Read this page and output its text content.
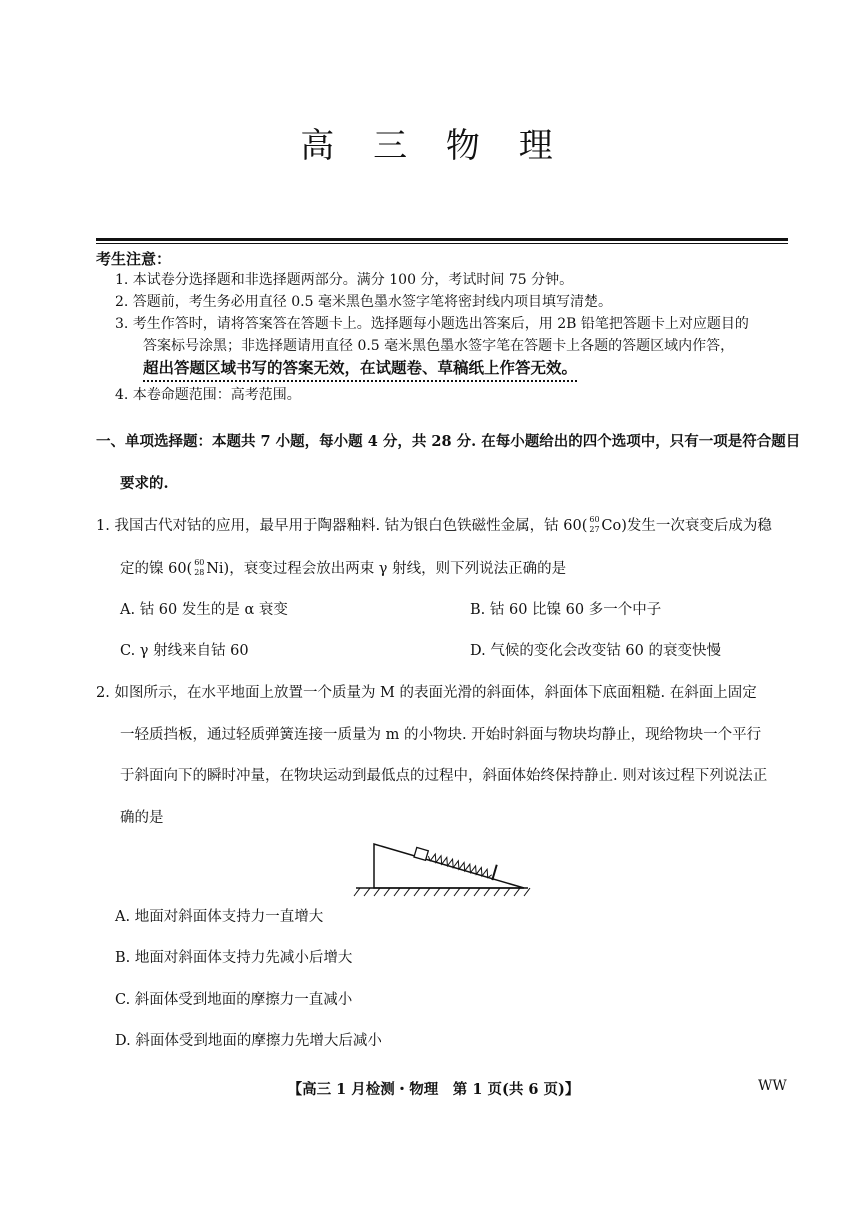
高 三 物 理
考生注意：
1. 本试卷分选择题和非选择题两部分。满分 100 分，考试时间 75 分钟。
2. 答题前，考生务必用直径 0.5 毫米黑色墨水签字笔将密封线内项目填写清楚。
3. 考生作答时，请将答案答在答题卡上。选择题每小题选出答案后，用 2B 铅笔把答题卡上对应题目的
答案标号涂黑；非选择题请用直径 0.5 毫米黑色墨水签字笔在答题卡上各题的答题区域内作答，
超出答题区域书写的答案无效，在试题卷、草稿纸上作答无效。
4. 本卷命题范围：高考范围。
一、单项选择题：本题共 7 小题，每小题 4 分，共 28 分. 在每小题给出的四个选项中，只有一项是符合题目
要求的.
1. 我国古代对钴的应用，最早用于陶器釉料. 钴为银白色铁磁性金属，钴 60( 60
27 Co)发生一次衰变后成为稳
定的镍 60( 60
28 Ni)，衰变过程会放出两束 γ 射线，则下列说法正确的是
A. 钴 60 发生的是 α 衰变	B. 钴 60 比镍 60 多一个中子
C. γ 射线来自钴 60	D. 气候的变化会改变钴 60 的衰变快慢
2. 如图所示，在水平地面上放置一个质量为 M 的表面光滑的斜面体，斜面体下底面粗糙. 在斜面上固定
一轻质挡板，通过轻质弹簧连接一质量为 m 的小物块. 开始时斜面与物块均静止，现给物块一个平行
于斜面向下的瞬时冲量，在物块运动到最低点的过程中，斜面体始终保持静止. 则对该过程下列说法正
确的是
A. 地面对斜面体支持力一直增大
B. 地面对斜面体支持力先减小后增大
C. 斜面体受到地面的摩擦力一直减小
D. 斜面体受到地面的摩擦力先增大后减小
【高三 1 月检测・物理　第 1 页(共 6 页)】	WW
